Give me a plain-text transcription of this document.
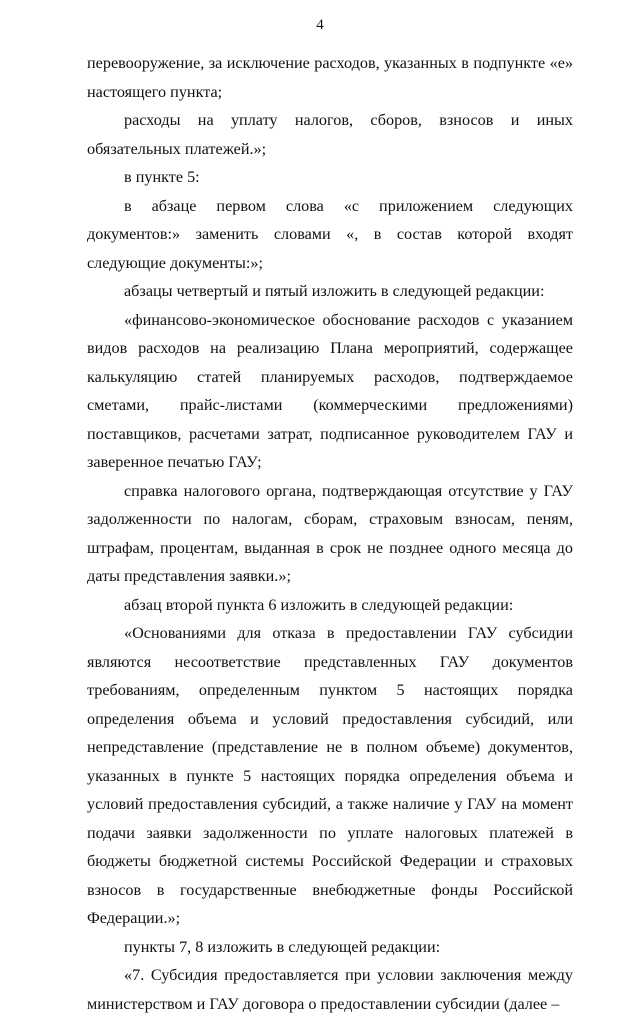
4

перевооружение, за исключение расходов, указанных в подпункте «е» настоящего пункта;

расходы на уплату налогов, сборов, взносов и иных обязательных платежей.»;

в пункте 5:

в абзаце первом слова «с приложением следующих документов:» заменить словами «, в состав которой входят следующие документы:»;

абзацы четвертый и пятый изложить в следующей редакции:

«финансово-экономическое обоснование расходов с указанием видов расходов на реализацию Плана мероприятий, содержащее калькуляцию статей планируемых расходов, подтверждаемое сметами, прайс-листами (коммерческими предложениями) поставщиков, расчетами затрат, подписанное руководителем ГАУ и заверенное печатью ГАУ;

справка налогового органа, подтверждающая отсутствие у ГАУ задолженности по налогам, сборам, страховым взносам, пеням, штрафам, процентам, выданная в срок не позднее одного месяца до даты представления заявки.»;

абзац второй пункта 6 изложить в следующей редакции:

«Основаниями для отказа в предоставлении ГАУ субсидии являются несоответствие представленных ГАУ документов требованиям, определенным пунктом 5 настоящих порядка определения объема и условий предоставления субсидий, или непредставление (представление не в полном объеме) документов, указанных в пункте 5 настоящих порядка определения объема и условий предоставления субсидий, а также наличие у ГАУ на момент подачи заявки задолженности по уплате налоговых платежей в бюджеты бюджетной системы Российской Федерации и страховых взносов в государственные внебюджетные фонды Российской Федерации.»;

пункты 7, 8 изложить в следующей редакции:

«7. Субсидия предоставляется при условии заключения между министерством и ГАУ договора о предоставлении субсидии (далее –
